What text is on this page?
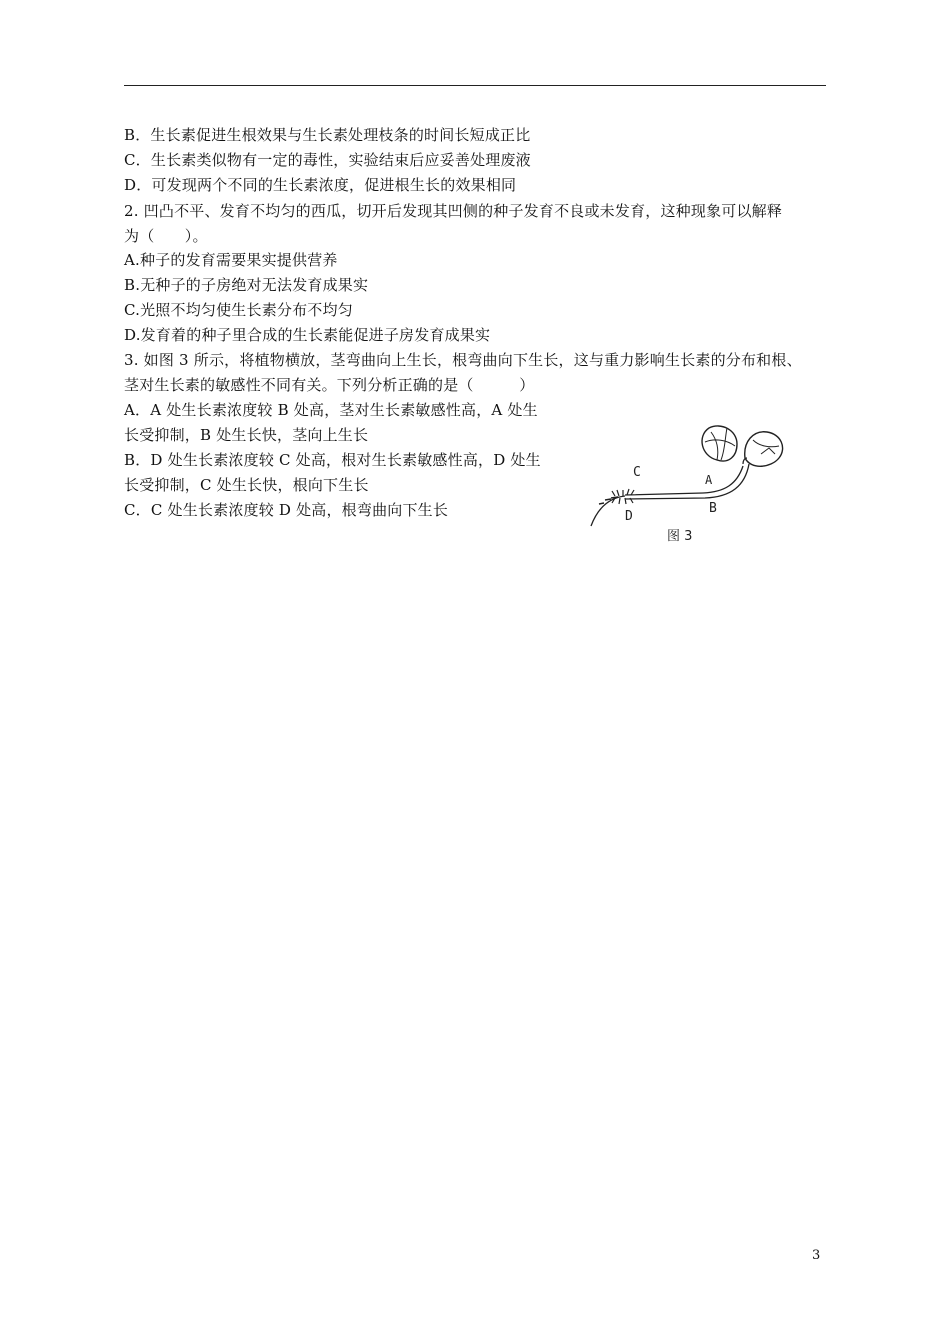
B．生长素促进生根效果与生长素处理枝条的时间长短成正比
C．生长素类似物有一定的毒性，实验结束后应妥善处理废液
D．可发现两个不同的生长素浓度，促进根生长的效果相同
2. 凹凸不平、发育不均匀的西瓜，切开后发现其凹侧的种子发育不良或未发育，这种现象可以解释
为（　　）。
A.种子的发育需要果实提供营养
B.无种子的子房绝对无法发育成果实
C.光照不均匀使生长素分布不均匀
D.发育着的种子里合成的生长素能促进子房发育成果实
3. 如图 3 所示，将植物横放，茎弯曲向上生长，根弯曲向下生长，这与重力影响生长素的分布和根、
茎对生长素的敏感性不同有关。下列分析正确的是（　　　）
A．A 处生长素浓度较 B 处高，茎对生长素敏感性高，A 处生
长受抑制，B 处生长快，茎向上生长
B．D 处生长素浓度较 C 处高，根对生长素敏感性高，D 处生
长受抑制，C 处生长快，根向下生长
C．C 处生长素浓度较 D 处高，根弯曲向下生长
C
D
A
B
图 3
3
